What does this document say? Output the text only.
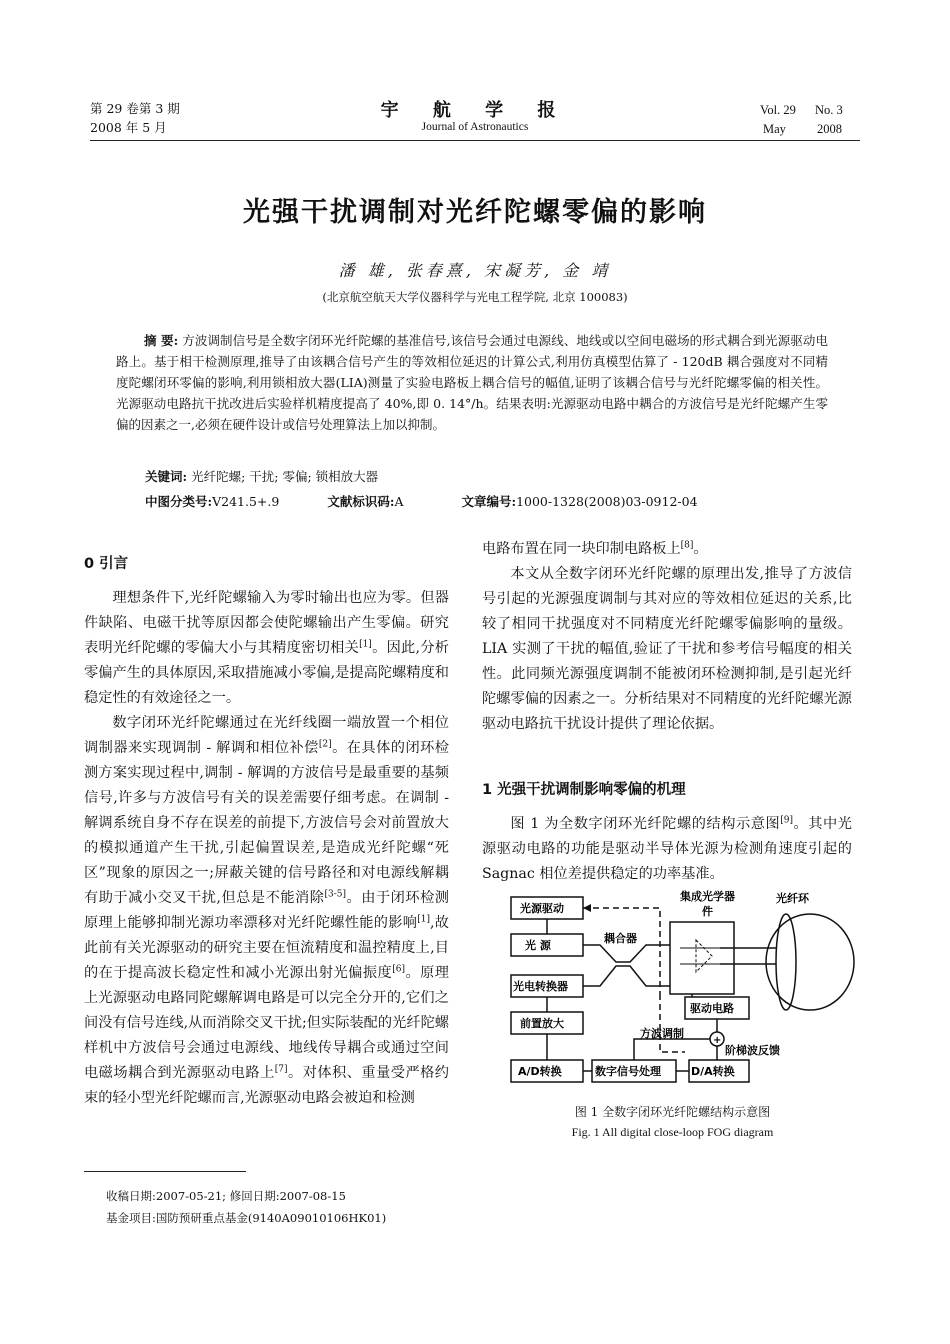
第 29 卷第 3 期
2008 年 5 月
宇 航 学 报
Journal of Astronautics
Vol. 29 No. 3
May 2008
光强干扰调制对光纤陀螺零偏的影响
潘 雄, 张春熹, 宋凝芳, 金 靖
(北京航空航天大学仪器科学与光电工程学院, 北京 100083)
摘 要: 方波调制信号是全数字闭环光纤陀螺的基准信号,该信号会通过电源线、地线或以空间电磁场的形式耦合到光源驱动电路上。基于相干检测原理,推导了由该耦合信号产生的等效相位延迟的计算公式,利用仿真模型估算了 - 120dB 耦合强度对不同精度陀螺闭环零偏的影响,利用锁相放大器(LIA)测量了实验电路板上耦合信号的幅值,证明了该耦合信号与光纤陀螺零偏的相关性。光源驱动电路抗干扰改进后实验样机精度提高了 40%,即 0. 14°/h。结果表明:光源驱动电路中耦合的方波信号是光纤陀螺产生零偏的因素之一,必须在硬件设计或信号处理算法上加以抑制。
关键词: 光纤陀螺; 干扰; 零偏; 锁相放大器
中图分类号:V241.5+.9	文献标识码:A	文章编号:1000-1328(2008)03-0912-04
0 引言

理想条件下,光纤陀螺输入为零时输出也应为零。但器件缺陷、电磁干扰等原因都会使陀螺输出产生零偏。研究表明光纤陀螺的零偏大小与其精度密切相关[1]。因此,分析零偏产生的具体原因,采取措施减小零偏,是提高陀螺精度和稳定性的有效途径之一。

数字闭环光纤陀螺通过在光纤线圈一端放置一个相位调制器来实现调制 - 解调和相位补偿[2]。在具体的闭环检测方案实现过程中,调制 - 解调的方波信号是最重要的基频信号,许多与方波信号有关的误差需要仔细考虑。在调制 - 解调系统自身不存在误差的前提下,方波信号会对前置放大的模拟通道产生干扰,引起偏置误差,是造成光纤陀螺“死区”现象的原因之一;屏蔽关键的信号路径和对电源线解耦有助于减小交叉干扰,但总是不能消除[3-5]。由于闭环检测原理上能够抑制光源功率漂移对光纤陀螺性能的影响[1],故此前有关光源驱动的研究主要在恒流精度和温控精度上,目的在于提高波长稳定性和减小光源出射光偏振度[6]。原理上光源驱动电路同陀螺解调电路是可以完全分开的,它们之间没有信号连线,从而消除交叉干扰;但实际装配的光纤陀螺样机中方波信号会通过电源线、地线传导耦合或通过空间电磁场耦合到光源驱动电路上[7]。对体积、重量受严格约束的轻小型光纤陀螺而言,光源驱动电路会被迫和检测

收稿日期:2007-05-21; 修回日期:2007-08-15
基金项目:国防预研重点基金(9140A09010106HK01)

电路布置在同一块印制电路板上[8]。

本文从全数字闭环光纤陀螺的原理出发,推导了方波信号引起的光源强度调制与其对应的等效相位延迟的关系,比较了相同干扰强度对不同精度光纤陀螺零偏影响的量级。LIA 实测了干扰的幅值,验证了干扰和参考信号幅度的相关性。此同频光源强度调制不能被闭环检测抑制,是引起光纤陀螺零偏的因素之一。分析结果对不同精度的光纤陀螺光源驱动电路抗干扰设计提供了理论依据。

1 光强干扰调制影响零偏的机理

图 1 为全数字闭环光纤陀螺的结构示意图[9]。其中光源驱动电路的功能是驱动半导体光源为检测角速度引起的 Sagnac 相位差提供稳定的功率基准。

光源驱动
光 源
光电转换器
前置放大
A/D转换	数字信号处理	D/A转换
驱动电路
耦合器
集成光学器
件
光纤环
方波调制
阶梯波反馈
+
图 1 全数字闭环光纤陀螺结构示意图
Fig. 1 All digital close-loop FOG diagram
